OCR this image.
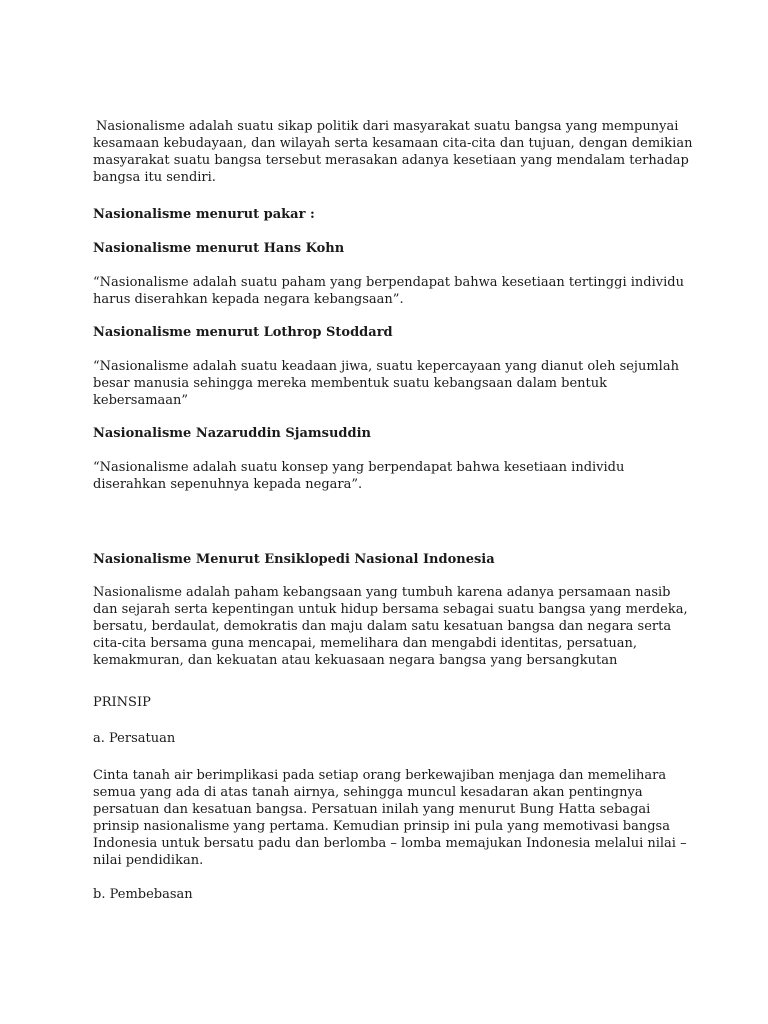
Nasionalisme adalah suatu sikap politik dari masyarakat suatu bangsa yang mempunyai kesamaan kebudayaan, dan wilayah serta kesamaan cita-cita dan tujuan, dengan demikian masyarakat suatu bangsa tersebut merasakan adanya kesetiaan yang mendalam terhadap bangsa itu sendiri.

Nasionalisme menurut pakar :

Nasionalisme menurut Hans Kohn

“Nasionalisme adalah suatu paham yang berpendapat bahwa kesetiaan tertinggi individu harus diserahkan kepada negara kebangsaan”.

Nasionalisme menurut Lothrop Stoddard

“Nasionalisme adalah suatu keadaan jiwa, suatu kepercayaan yang dianut oleh sejumlah besar manusia sehingga mereka membentuk suatu kebangsaan dalam bentuk kebersamaan”

Nasionalisme Nazaruddin Sjamsuddin

“Nasionalisme adalah suatu konsep yang berpendapat bahwa kesetiaan individu diserahkan sepenuhnya kepada negara”.

Nasionalisme Menurut Ensiklopedi Nasional Indonesia

Nasionalisme adalah paham kebangsaan yang tumbuh karena adanya persamaan nasib dan sejarah serta kepentingan untuk hidup bersama sebagai suatu bangsa yang merdeka, bersatu, berdaulat, demokratis dan maju dalam satu kesatuan bangsa dan negara serta cita-cita bersama guna mencapai, memelihara dan mengabdi identitas, persatuan, kemakmuran, dan kekuatan atau kekuasaan negara bangsa yang bersangkutan

PRINSIP

a. Persatuan

Cinta tanah air berimplikasi pada setiap orang berkewajiban menjaga dan memelihara semua yang ada di atas tanah airnya, sehingga muncul kesadaran akan pentingnya persatuan dan kesatuan bangsa. Persatuan inilah yang menurut Bung Hatta sebagai prinsip nasionalisme yang pertama. Kemudian prinsip ini pula yang memotivasi bangsa Indonesia untuk bersatu padu dan berlomba – lomba memajukan Indonesia melalui nilai – nilai pendidikan.

b. Pembebasan
